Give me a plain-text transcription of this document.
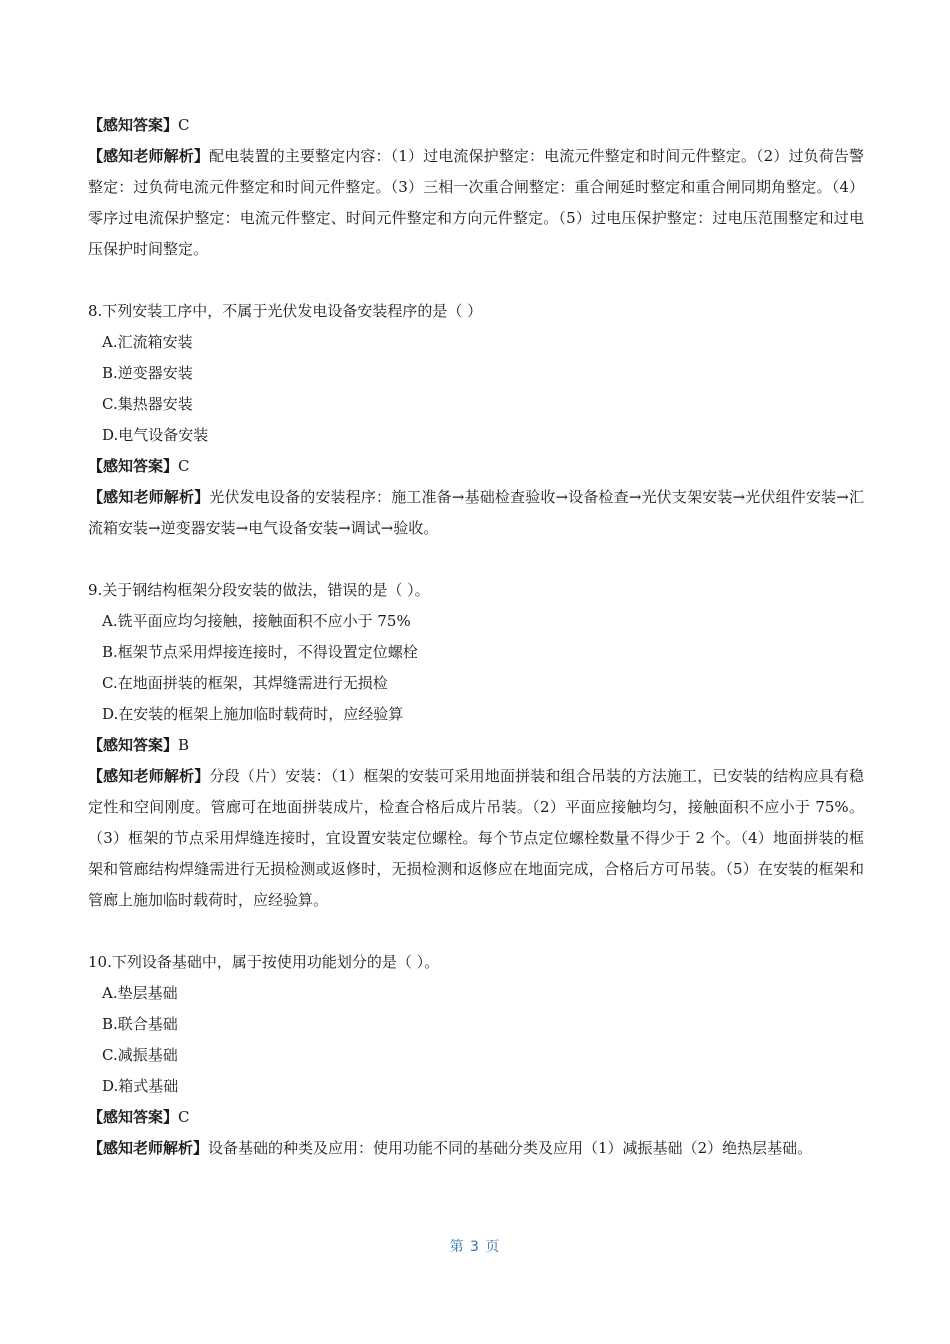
【感知答案】C

【感知老师解析】配电装置的主要整定内容：（1）过电流保护整定：电流元件整定和时间元件整定。（2）过负荷告警整定：过负荷电流元件整定和时间元件整定。（3）三相一次重合闸整定：重合闸延时整定和重合闸同期角整定。（4）零序过电流保护整定：电流元件整定、时间元件整定和方向元件整定。（5）过电压保护整定：过电压范围整定和过电压保护时间整定。

8.下列安装工序中，不属于光伏发电设备安装程序的是（ ）

A.汇流箱安装

B.逆变器安装

C.集热器安装

D.电气设备安装

【感知答案】C

【感知老师解析】光伏发电设备的安装程序：施工准备→基础检查验收→设备检查→光伏支架安装→光伏组件安装→汇流箱安装→逆变器安装→电气设备安装→调试→验收。

9.关于钢结构框架分段安装的做法，错误的是（ ）。

A.铣平面应均匀接触，接触面积不应小于 75%

B.框架节点采用焊接连接时，不得设置定位螺栓

C.在地面拼装的框架，其焊缝需进行无损检

D.在安装的框架上施加临时载荷时，应经验算

【感知答案】B

【感知老师解析】分段（片）安装：（1）框架的安装可采用地面拼装和组合吊装的方法施工，已安装的结构应具有稳定性和空间刚度。管廊可在地面拼装成片，检查合格后成片吊装。（2）平面应接触均匀，接触面积不应小于 75%。（3）框架的节点采用焊缝连接时，宜设置安装定位螺栓。每个节点定位螺栓数量不得少于 2 个。（4）地面拼装的框架和管廊结构焊缝需进行无损检测或返修时，无损检测和返修应在地面完成，合格后方可吊装。（5）在安装的框架和管廊上施加临时载荷时，应经验算。

10.下列设备基础中，属于按使用功能划分的是（ ）。

A.垫层基础

B.联合基础

C.减振基础

D.箱式基础

【感知答案】C

【感知老师解析】设备基础的种类及应用：使用功能不同的基础分类及应用（1）减振基础（2）绝热层基础。

第 3 页
